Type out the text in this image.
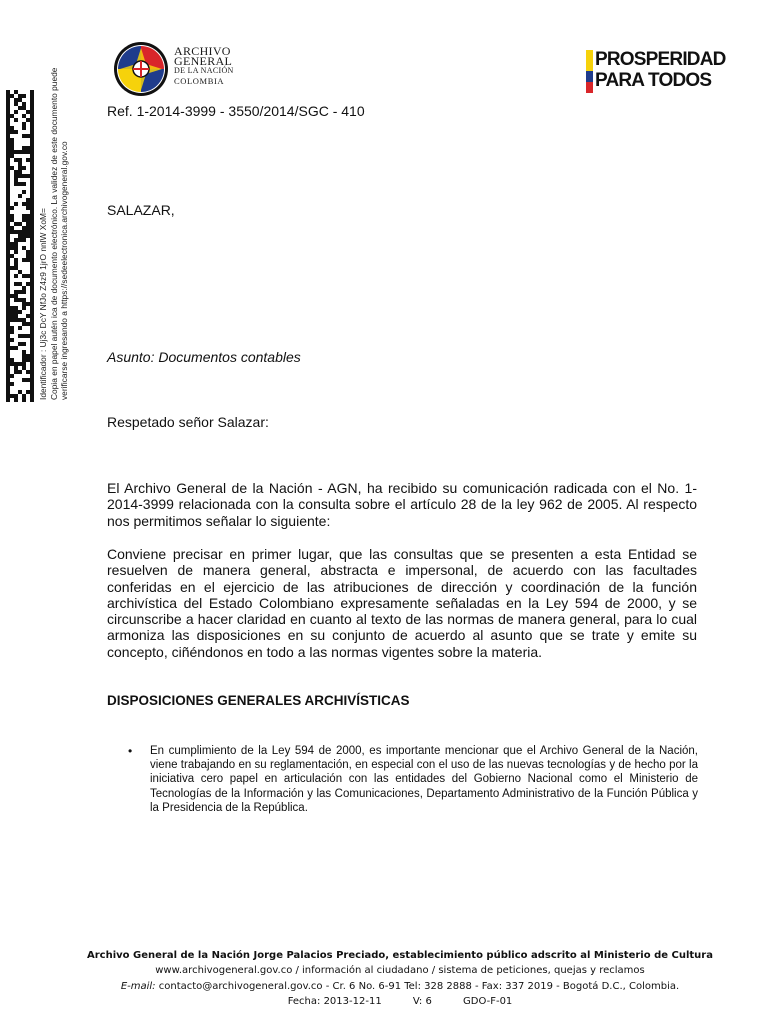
Identificador : Uj3c DcY NfJo Z4z9 1jrO nnlW XoM= Copia en papel autén ica de documento electrónico. La validez de este documento puede verificarse ingresando a https://sedeelectronica.archivogeneral.gov.co
ARCHIVO
GENERAL
DE LA NACIÓN
COLOMBIA
PROSPERIDAD
PARA TODOS
Ref. 1-2014-3999 - 3550/2014/SGC - 410
SALAZAR,
Asunto: Documentos contables
Respetado señor Salazar:
El Archivo General de la Nación - AGN, ha recibido su comunicación radicada con el No. 1-2014-3999 relacionada con la consulta sobre el artículo 28 de la ley 962 de 2005. Al respecto nos permitimos señalar lo siguiente:
Conviene precisar en primer lugar, que las consultas que se presenten a esta Entidad se resuelven de manera general, abstracta e impersonal, de acuerdo con las facultades conferidas en el ejercicio de las atribuciones de dirección y coordinación de la función archivística del Estado Colombiano expresamente señaladas en la Ley 594 de 2000, y se circunscribe a hacer claridad en cuanto al texto de las normas de manera general, para lo cual armoniza las disposiciones en su conjunto de acuerdo al asunto que se trate y emite su concepto, ciñéndonos en todo a las normas vigentes sobre la materia.
DISPOSICIONES GENERALES ARCHIVÍSTICAS
• En cumplimiento de la Ley 594 de 2000, es importante mencionar que el Archivo General de la Nación, viene trabajando en su reglamentación, en especial con el uso de las nuevas tecnologías y de hecho por la iniciativa cero papel en articulación con las entidades del Gobierno Nacional como el Ministerio de Tecnologías de la Información y las Comunicaciones, Departamento Administrativo de la Función Pública y la Presidencia de la República.
Archivo General de la Nación Jorge Palacios Preciado, establecimiento público adscrito al Ministerio de Cultura
www.archivogeneral.gov.co / información al ciudadano / sistema de peticiones, quejas y reclamos
E-mail: contacto@archivogeneral.gov.co - Cr. 6 No. 6-91 Tel: 328 2888 - Fax: 337 2019 - Bogotá D.C., Colombia.
Fecha: 2013-12-11	V: 6	GDO-F-01
